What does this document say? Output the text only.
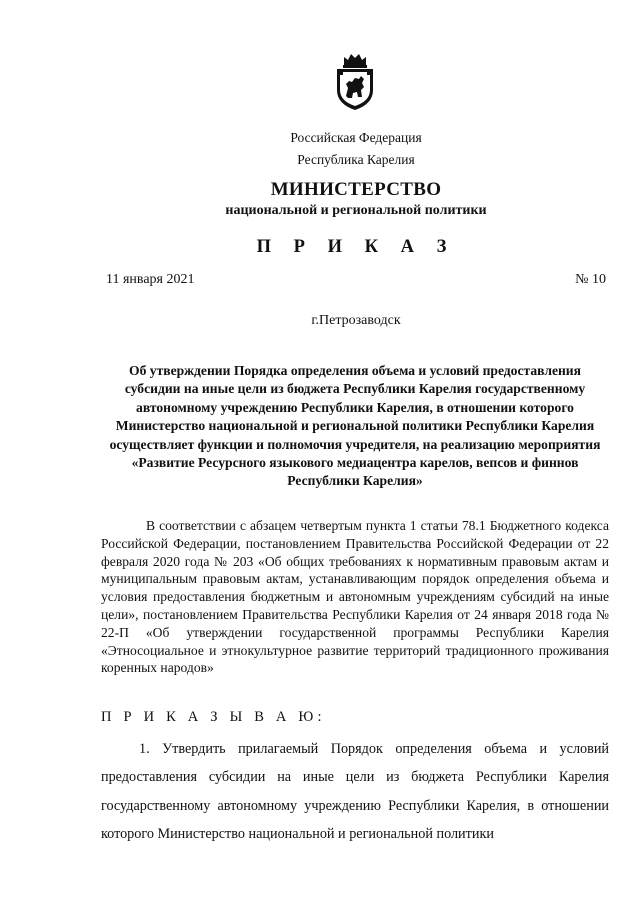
Российская Федерация
Республика Карелия
МИНИСТЕРСТВО
национальной и региональной политики
П Р И К А З
11 января 2021	№ 10
г.Петрозаводск
Об утверждении Порядка определения объема и условий предоставления субсидии на иные цели из бюджета Республики Карелия государственному автономному учреждению Республики Карелия, в отношении которого Министерство национальной и региональной политики Республики Карелия осуществляет функции и полномочия учредителя, на реализацию мероприятия «Развитие Ресурсного языкового медиацентра карелов, вепсов и финнов Республики Карелия»
В соответствии с абзацем четвертым пункта 1 статьи 78.1 Бюджетного кодекса Российской Федерации, постановлением Правительства Российской Федерации от 22 февраля 2020 года № 203 «Об общих требованиях к нормативным правовым актам и муниципальным правовым актам, устанавливающим порядок определения объема и условия предоставления бюджетным и автономным учреждениям субсидий на иные цели», постановлением Правительства Республики Карелия от 24 января 2018 года № 22-П «Об утверждении государственной программы Республики Карелия «Этносоциальное и этнокультурное развитие территорий традиционного проживания коренных народов»
П Р И К А З Ы В А Ю:
1. Утвердить прилагаемый Порядок определения объема и условий предоставления субсидии на иные цели из бюджета Республики Карелия государственному автономному учреждению Республики Карелия, в отношении которого Министерство национальной и региональной политики
